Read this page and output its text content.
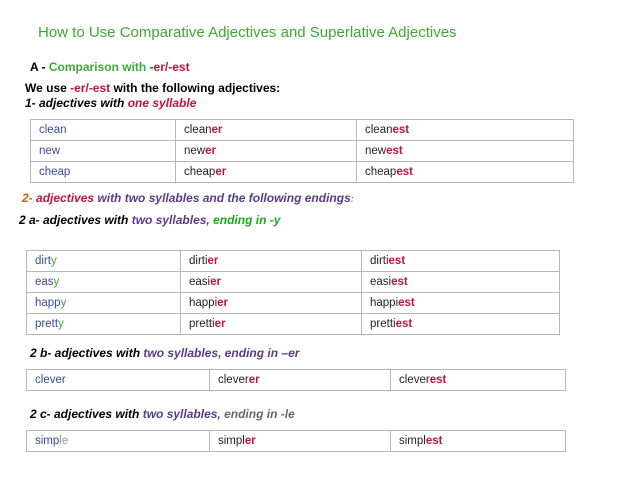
How to Use Comparative Adjectives and Superlative Adjectives
A - Comparison with -er/-est
We use -er/-est with the following adjectives:
1- adjectives with one syllable
clean	cleaner	cleanest
new	newer	newest
cheap	cheaper	cheapest
2- adjectives with two syllables and the following endings:
2 a- adjectives with two syllables, ending in -y
dirty	dirtier	dirtiest
easy	easier	easiest
happy	happier	happiest
pretty	prettier	prettiest
2 b- adjectives with two syllables, ending in –er
clever	cleverer	cleverest
2 c- adjectives with two syllables, ending in -le
simple	simpler	simplest
